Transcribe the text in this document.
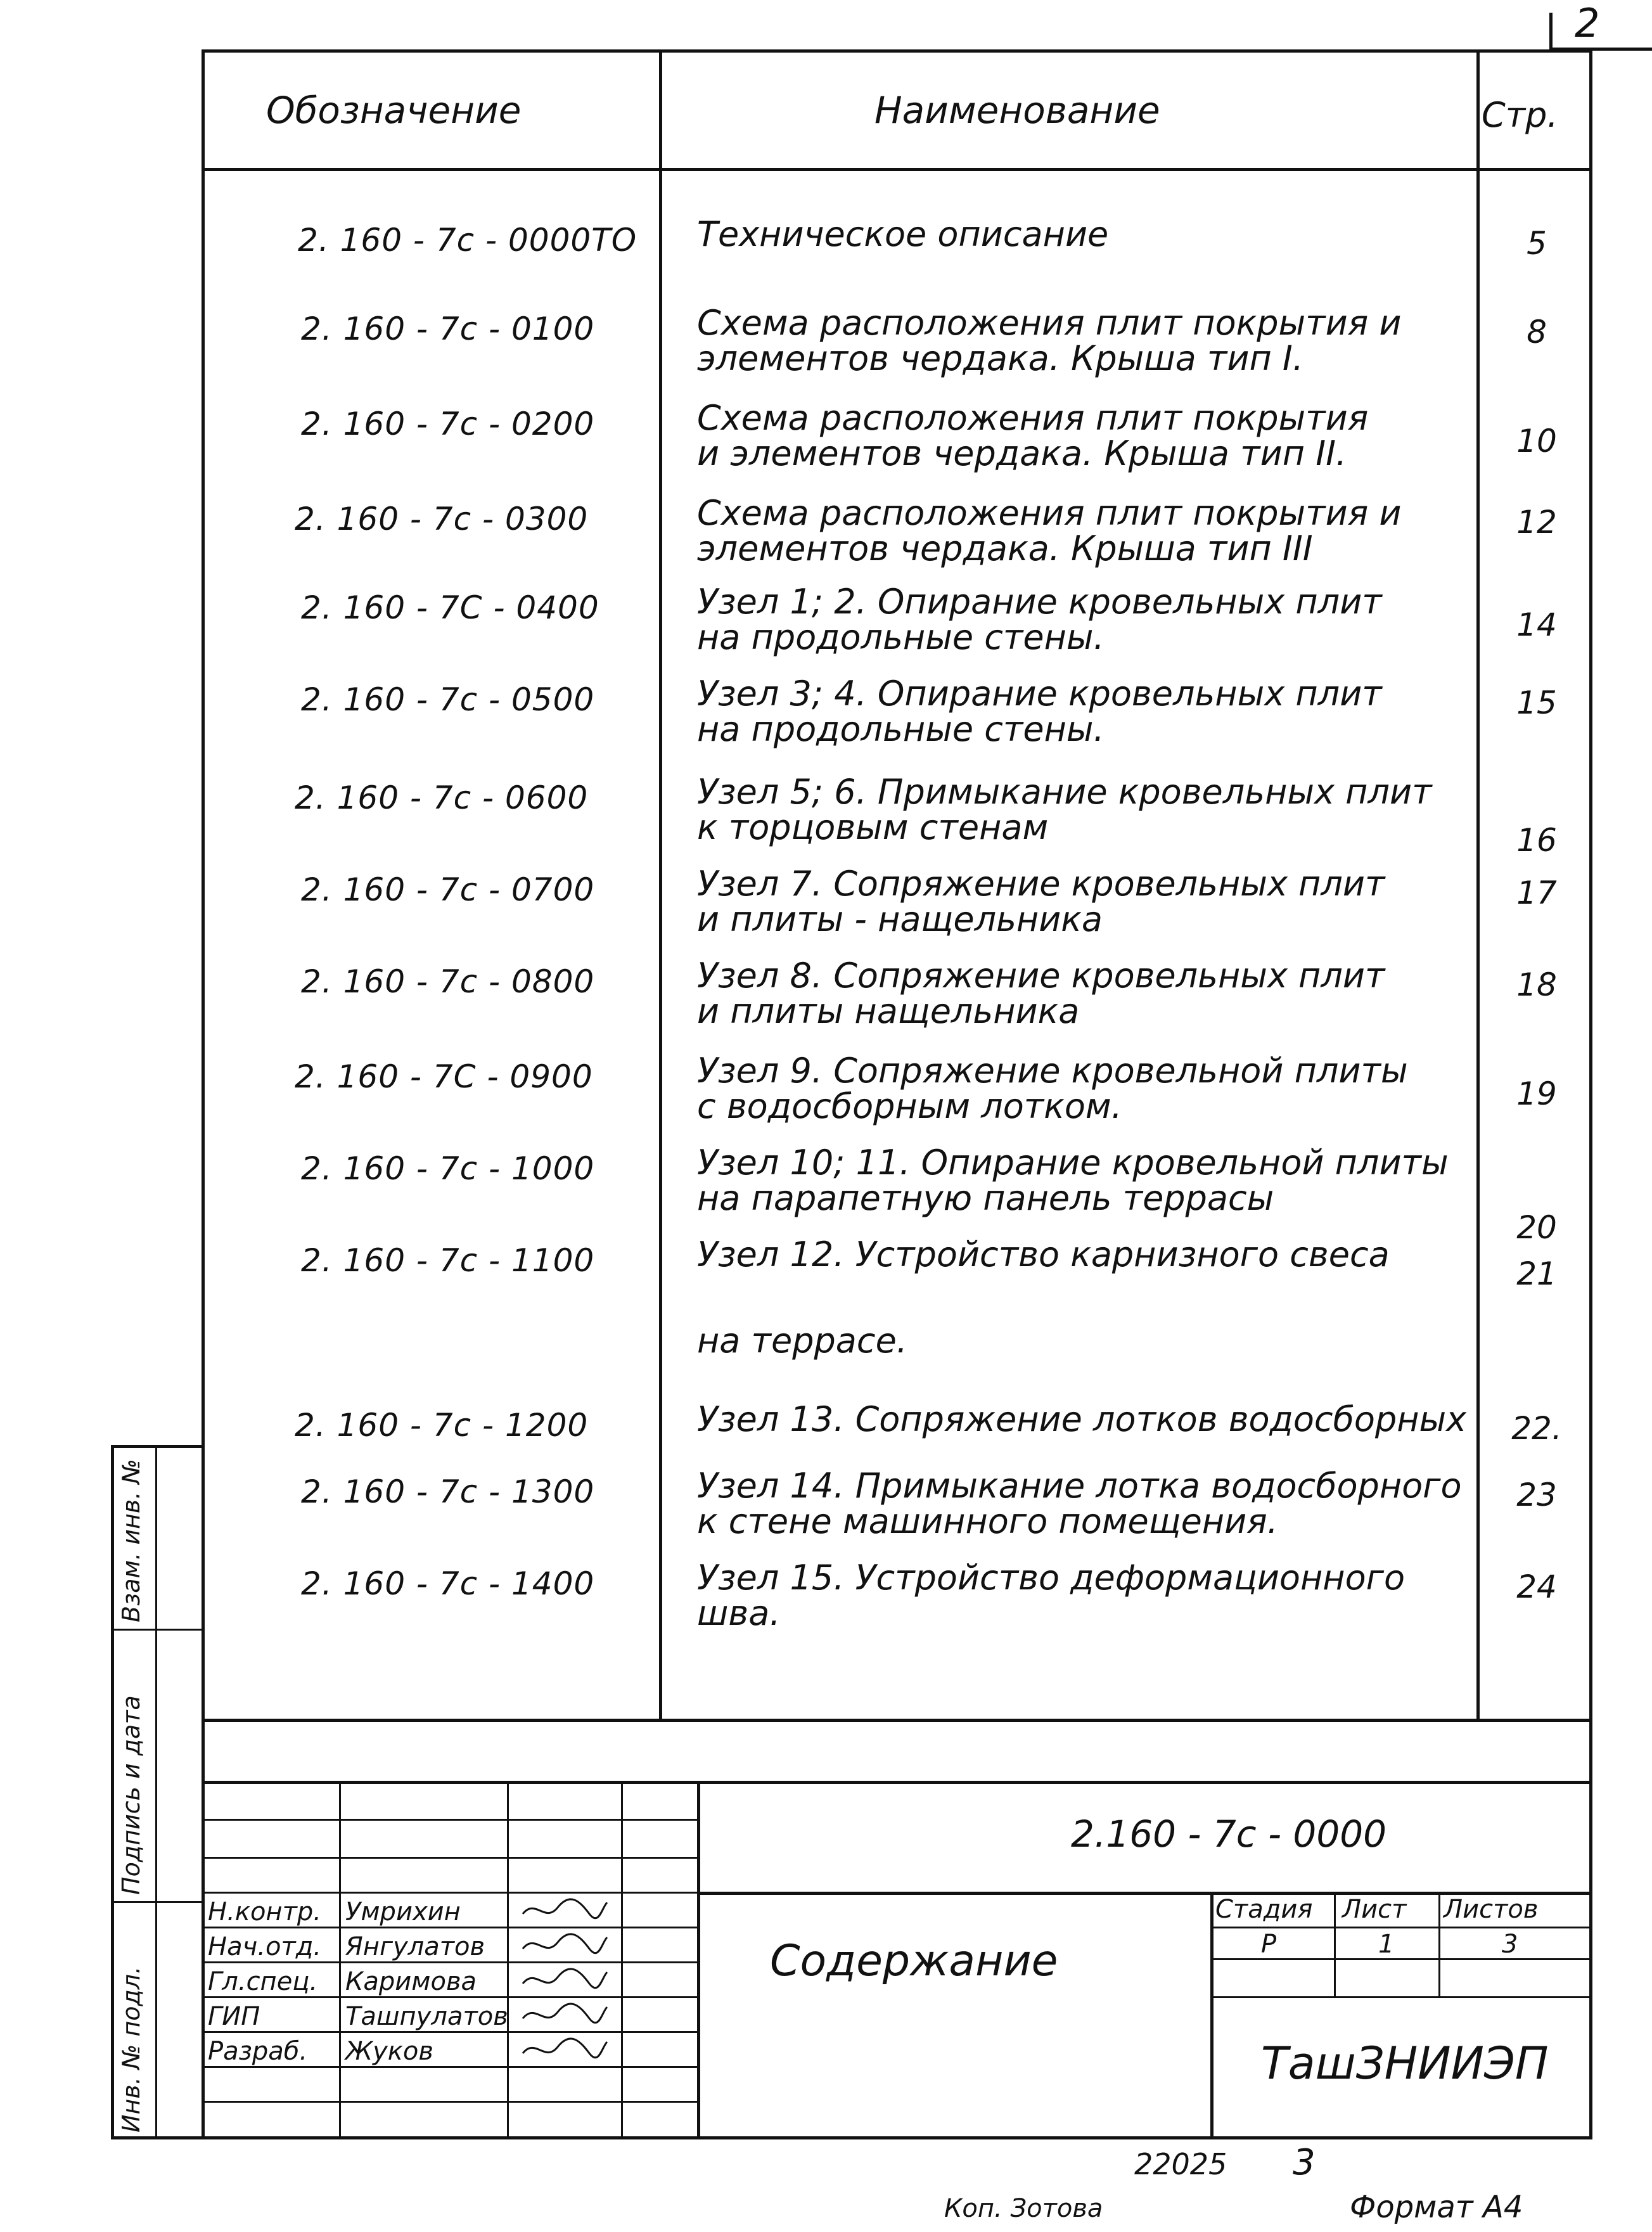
2
Обозначение	Наименование	Стр.
2. 160 - 7c - 0000TO Техническое описание	5
2. 160 - 7c - 0100	Схема расположения плит покрытия и
элементов чердака. Крыша тип I.
8
2. 160 - 7c - 0200	Схема расположения плит покрытия
и элементов чердака. Крыша тип II.	10
2. 160 - 7c - 0300	Схема расположения плит покрытия и
элементов чердака. Крыша тип III
12
2. 160 - 7C - 0400	Узел 1; 2. Опирание кровельных плит
на продольные стены.	14
2. 160 - 7c - 0500	Узел 3; 4. Опирание кровельных плит
на продольные стены.
15
2. 160 - 7c - 0600	Узел 5; 6. Примыкание кровельных плит
к торцовым стенам	16
2. 160 - 7c - 0700	Узел 7. Сопряжение кровельных плит
и плиты - нащельника
17
2. 160 - 7c - 0800	Узел 8. Сопряжение кровельных плит
и плиты нащельника
18
2. 160 - 7C - 0900	Узел 9. Сопряжение кровельной плиты
с водосборным лотком.	19
2. 160 - 7c - 1000	Узел 10; 11. Опирание кровельной плиты
на парапетную панель террасы
20
2. 160 - 7c - 1100	Узел 12. Устройство карнизного свеса
на террасе.
21
2. 160 - 7c - 1200	Узел 13. Сопряжение лотков водосборных	22.
2. 160 - 7c - 1300	Узел 14. Примыкание лотка водосборного
к стене машинного помещения.
23
2. 160 - 7c - 1400	Узел 15. Устройство деформационного
шва.
24
Н.контр. Умрихин
Нач.отд. Янгулатов
Гл.спец. Каримова
ГИП	Ташпулатов
Разраб. Жуков
Стадия Лист Листов
Р	1	3
2.160 - 7c - 0000
Содержание
ТашЗНИИЭП
Взам. инв. №
Подпись и дата
Инв. № подл.
22025 3
Коп. Зотова	Формат А4
